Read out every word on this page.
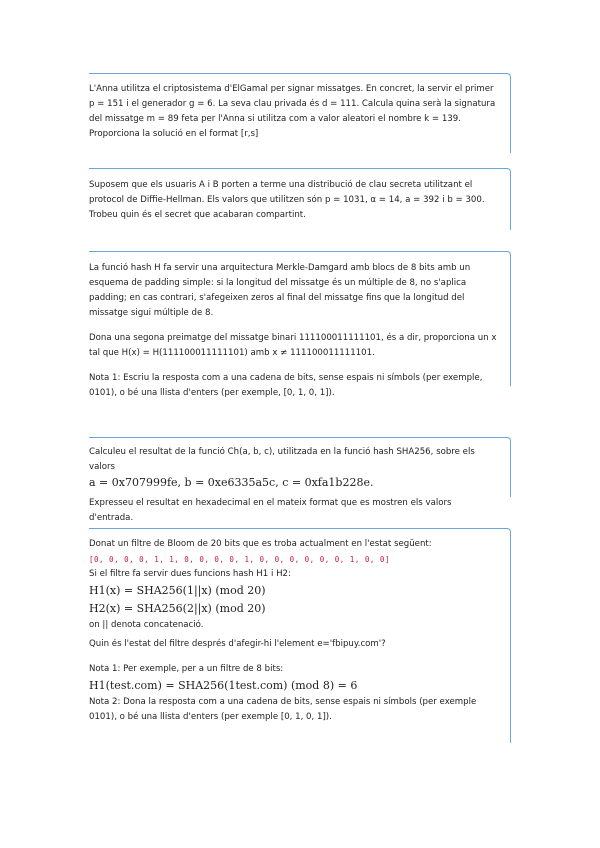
L'Anna utilitza el criptosistema d'ElGamal per signar missatges. En concret, la servir el primer p = 151 i el generador g = 6. La seva clau privada és d = 111. Calcula quina serà la signatura del missatge m = 89 feta per l'Anna si utilitza com a valor aleatori el nombre k = 139. Proporciona la solució en el format [r,s]

Suposem que els usuaris A i B porten a terme una distribució de clau secreta utilitzant el protocol de Diffie-Hellman. Els valors que utilitzen són p = 1031, α = 14, a = 392 i b = 300. Trobeu quin és el secret que acabaran compartint.

La funció hash H fa servir una arquitectura Merkle-Damgard amb blocs de 8 bits amb un esquema de padding simple: si la longitud del missatge és un múltiple de 8, no s'aplica padding; en cas contrari, s'afegeixen zeros al final del missatge fins que la longitud del missatge sigui múltiple de 8.

Dona una segona preimatge del missatge binari 111100011111101, és a dir, proporciona un x tal que H(x) = H(111100011111101) amb x ≠ 111100011111101.

Nota 1: Escriu la resposta com a una cadena de bits, sense espais ni símbols (per exemple, 0101), o bé una llista d'enters (per exemple, [0, 1, 0, 1]).

Calculeu el resultat de la funció Ch(a, b, c), utilitzada en la funció hash SHA256, sobre els valors

a = 0x707999fe, b = 0xe6335a5c, c = 0xfa1b228e.

Expresseu el resultat en hexadecimal en el mateix format que es mostren els valors d'entrada.

Donat un filtre de Bloom de 20 bits que es troba actualment en l'estat següent:

[0, 0, 0, 0, 1, 1, 0, 0, 0, 0, 1, 0, 0, 0, 0, 0, 0, 1, 0, 0]

Si el filtre fa servir dues funcions hash H1 i H2:

H1(x) = SHA256(1||x) (mod 20)

H2(x) = SHA256(2||x) (mod 20)

on || denota concatenació.

Quin és l'estat del filtre després d'afegir-hi l'element e='fbipuy.com'?

Nota 1: Per exemple, per a un filtre de 8 bits:

H1(test.com) = SHA256(1test.com) (mod 8) = 6

Nota 2: Dona la resposta com a una cadena de bits, sense espais ni símbols (per exemple 0101), o bé una llista d'enters (per exemple [0, 1, 0, 1]).
